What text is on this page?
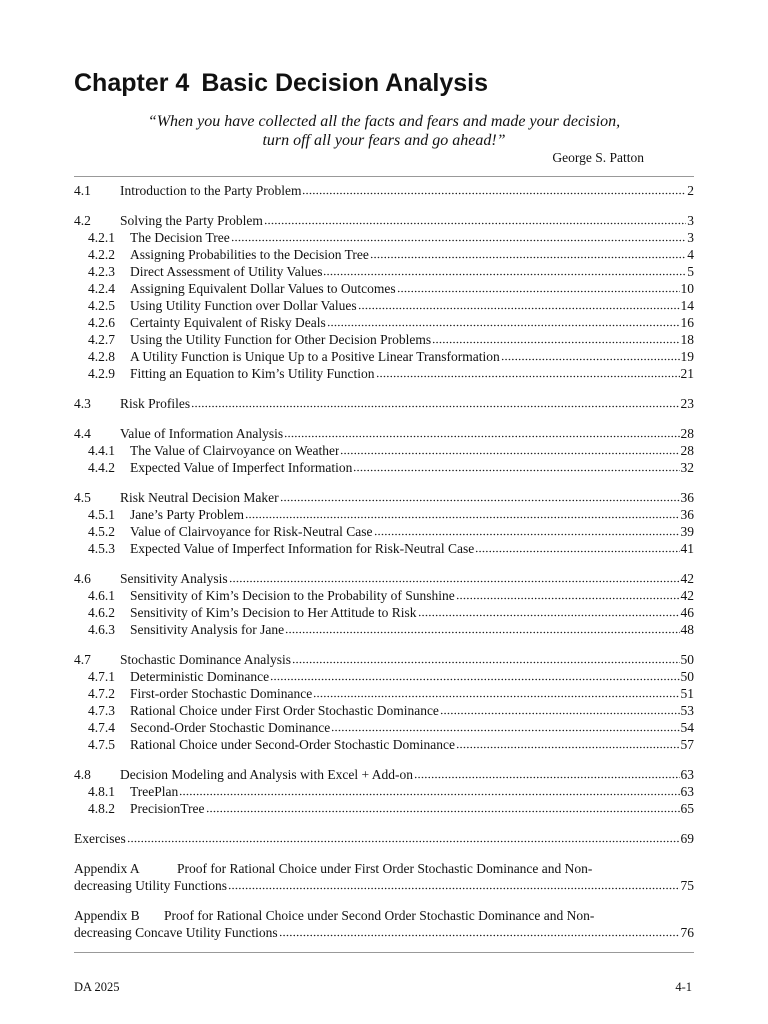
Chapter 4 Basic Decision Analysis
“When you have collected all the facts and fears and made your decision,
turn off all your fears and go ahead!”
George S. Patton
4.1	Introduction to the Party Problem	2
4.2	Solving the Party Problem	3
4.2.1	The Decision Tree	3
4.2.2	Assigning Probabilities to the Decision Tree	4
4.2.3	Direct Assessment of Utility Values	5
4.2.4	Assigning Equivalent Dollar Values to Outcomes	10
4.2.5	Using Utility Function over Dollar Values	14
4.2.6	Certainty Equivalent of Risky Deals	16
4.2.7	Using the Utility Function for Other Decision Problems	18
4.2.8	A Utility Function is Unique Up to a Positive Linear Transformation	19
4.2.9	Fitting an Equation to Kim’s Utility Function	21
4.3	Risk Profiles	23
4.4	Value of Information Analysis	28
4.4.1	The Value of Clairvoyance on Weather	28
4.4.2	Expected Value of Imperfect Information	32
4.5	Risk Neutral Decision Maker	36
4.5.1	Jane’s Party Problem	36
4.5.2	Value of Clairvoyance for Risk-Neutral Case	39
4.5.3	Expected Value of Imperfect Information for Risk-Neutral Case	41
4.6	Sensitivity Analysis	42
4.6.1	Sensitivity of Kim’s Decision to the Probability of Sunshine	42
4.6.2	Sensitivity of Kim’s Decision to Her Attitude to Risk	46
4.6.3	Sensitivity Analysis for Jane	48
4.7	Stochastic Dominance Analysis	50
4.7.1	Deterministic Dominance	50
4.7.2	First-order Stochastic Dominance	51
4.7.3	Rational Choice under First Order Stochastic Dominance	53
4.7.4	Second-Order Stochastic Dominance	54
4.7.5	Rational Choice under Second-Order Stochastic Dominance	57
4.8	Decision Modeling and Analysis with Excel + Add-on	63
4.8.1	TreePlan	63
4.8.2	PrecisionTree	65
Exercises	69
Appendix A	Proof for Rational Choice under First Order Stochastic Dominance and Non-
decreasing Utility Functions	75
Appendix B Proof for Rational Choice under Second Order Stochastic Dominance and Non-
decreasing Concave Utility Functions	76
DA 2025	4-1
